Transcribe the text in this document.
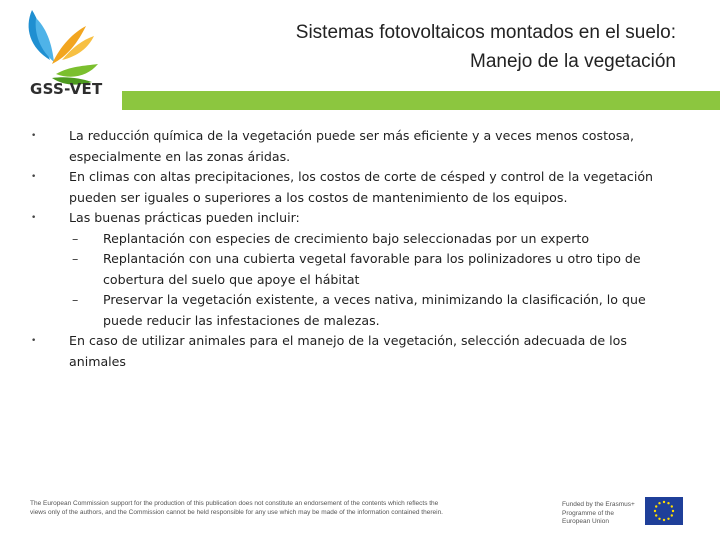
GSS-VET
Sistemas fotovoltaicos montados en el suelo:
Manejo de la vegetación
•	La reducción química de la vegetación puede ser más eficiente y a veces menos costosa, especialmente en las zonas áridas.
•	En climas con altas precipitaciones, los costos de corte de césped y control de la vegetación pueden ser iguales o superiores a los costos de mantenimiento de los equipos.
•	Las buenas prácticas pueden incluir:
– Replantación con especies de crecimiento bajo seleccionadas por un experto
– Replantación con una cubierta vegetal favorable para los polinizadores u otro tipo de cobertura del suelo que apoye el hábitat
– Preservar la vegetación existente, a veces nativa, minimizando la clasificación, lo que puede reducir las infestaciones de malezas.
•	En caso de utilizar animales para el manejo de la vegetación, selección adecuada de los animales
The European Commission support for the production of this publication does not constitute an endorsement of the contents which reflects the views only of the authors, and the Commission cannot be held responsible for any use which may be made of the information contained therein.
Funded by the Erasmus+ Programme of the European Union
